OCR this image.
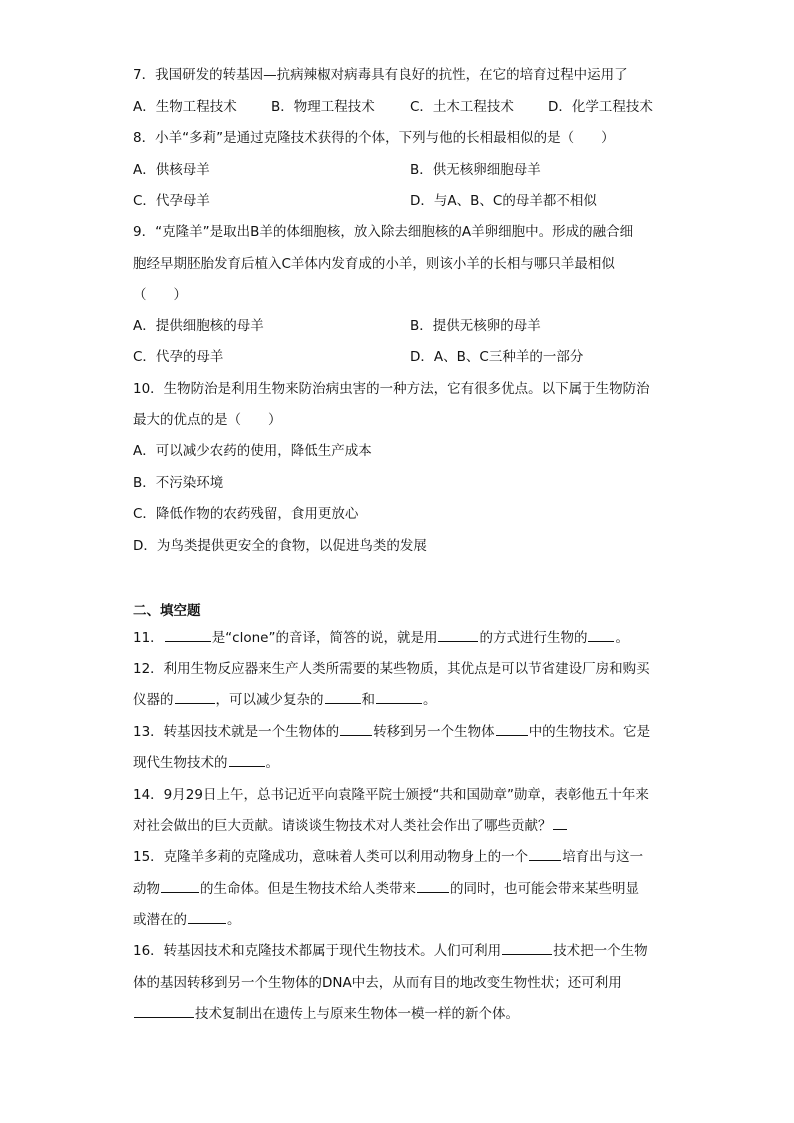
7．我国研发的转基因—抗病辣椒对病毒具有良好的抗性，在它的培育过程中运用了
A．生物工程技术	B．物理工程技术	C．土木工程技术	D．化学工程技术
8．小羊“多莉”是通过克隆技术获得的个体，下列与他的长相最相似的是（　　）
A．供核母羊	B．供无核卵细胞母羊
C．代孕母羊	D．与A、B、C的母羊都不相似
9．“克隆羊”是取出B羊的体细胞核，放入除去细胞核的A羊卵细胞中。形成的融合细
胞经早期胚胎发育后植入C羊体内发育成的小羊，则该小羊的长相与哪只羊最相似
（　　）
A．提供细胞核的母羊	B．提供无核卵的母羊
C．代孕的母羊	D．A、B、C三种羊的一部分
10．生物防治是利用生物来防治病虫害的一种方法，它有很多优点。以下属于生物防治
最大的优点的是（　　）
A．可以减少农药的使用，降低生产成本
B．不污染环境
C．降低作物的农药残留，食用更放心
D．为鸟类提供更安全的食物，以促进鸟类的发展
二、填空题
11．	是“clone”的音译，简答的说，就是用	的方式进行生物的 。
12．利用生物反应器来生产人类所需要的某些物质，其优点是可以节省建设厂房和购买
仪器的	，可以减少复杂的	和	。
13．转基因技术就是一个生物体的	转移到另一个生物体	中的生物技术。它是
现代生物技术的	。
14．9月29日上午，总书记近平向袁隆平院士颁授“共和国勋章”勋章，表彰他五十年来
对社会做出的巨大贡献。请谈谈生物技术对人类社会作出了哪些贡献？
15．克隆羊多莉的克隆成功，意味着人类可以利用动物身上的一个	培育出与这一
动物	的生命体。但是生物技术给人类带来	的同时，也可能会带来某些明显
或潜在的	。
16．转基因技术和克隆技术都属于现代生物技术。人们可利用	技术把一个生物
体的基因转移到另一个生物体的DNA中去，从而有目的地改变生物性状；还可利用
技术复制出在遗传上与原来生物体一模一样的新个体。
